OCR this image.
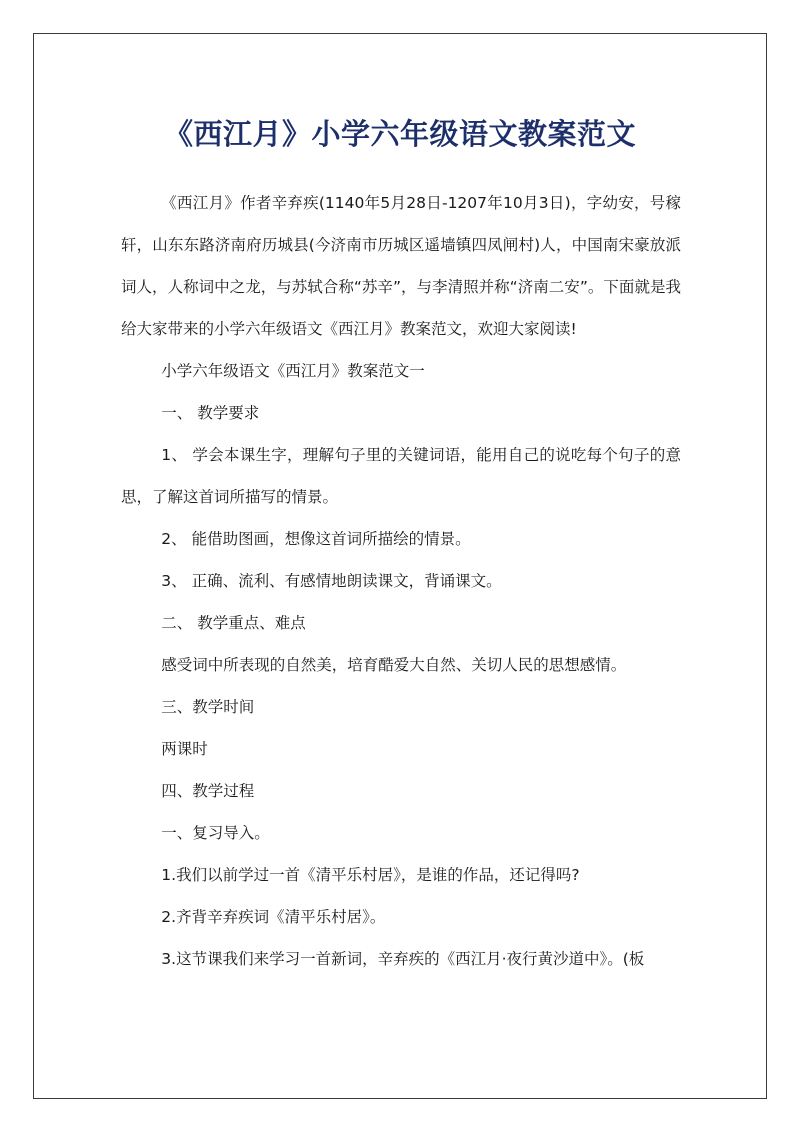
《西江月》小学六年级语文教案范文

《西江月》作者辛弃疾(1140年5月28日-1207年10月3日)，字幼安，号稼轩，山东东路济南府历城县(今济南市历城区遥墙镇四凤闸村)人，中国南宋豪放派词人，人称词中之龙，与苏轼合称“苏辛”，与李清照并称“济南二安”。下面就是我给大家带来的小学六年级语文《西江月》教案范文，欢迎大家阅读!

小学六年级语文《西江月》教案范文一

一、 教学要求

1、 学会本课生字，理解句子里的关键词语，能用自己的说吃每个句子的意思，了解这首词所描写的情景。

2、 能借助图画，想像这首词所描绘的情景。

3、 正确、流利、有感情地朗读课文，背诵课文。

二、 教学重点、难点

感受词中所表现的自然美，培育酷爱大自然、关切人民的思想感情。

三、教学时间

两课时

四、教学过程

一、复习导入。

1.我们以前学过一首《清平乐村居》，是谁的作品，还记得吗?

2.齐背辛弃疾词《清平乐村居》。

3.这节课我们来学习一首新词，辛弃疾的《西江月·夜行黄沙道中》。(板
